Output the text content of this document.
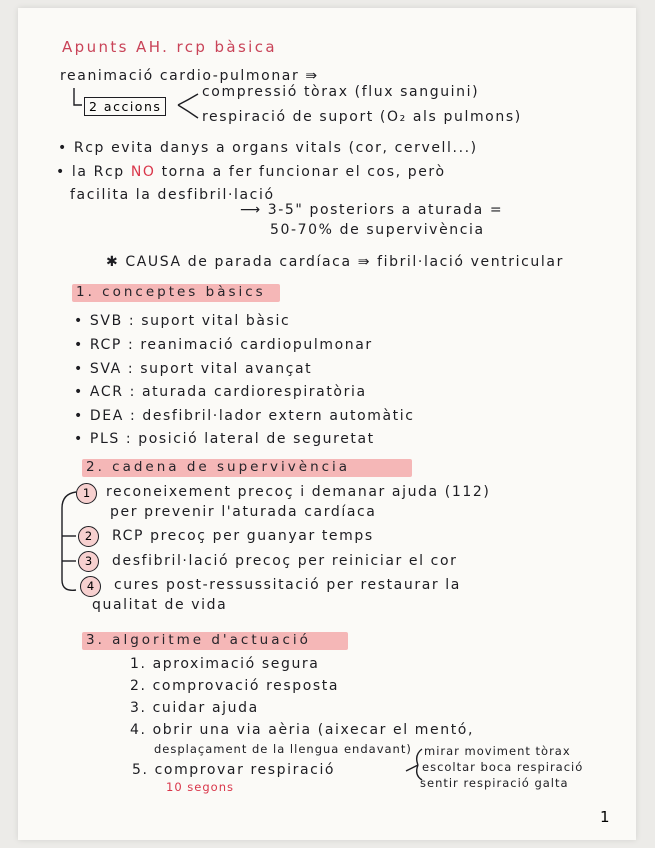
Apunts AH. rcp bàsica
reanimació cardio-pulmonar ⇛
2 accions
compressió tòrax (flux sanguini)
respiració de suport (O₂ als pulmons)
• Rcp evita danys a organs vitals (cor, cervell...)
• la Rcp NO torna a fer funcionar el cos, però
facilita la desfibril·lació
⟶ 3-5" posteriors a aturada =
50-70% de supervivència
✱ CAUSA de parada cardíaca ⇛ fibril·lació ventricular
1. conceptes bàsics
• SVB : suport vital bàsic
• RCP : reanimació cardiopulmonar
• SVA : suport vital avançat
• ACR : aturada cardiorespiratòria
• DEA : desfibril·lador extern automàtic
• PLS : posició lateral de seguretat
2. cadena de supervivència
1	reconeixement precoç i demanar ajuda (112)
per prevenir l'aturada cardíaca
2	RCP precoç per guanyar temps
3	desfibril·lació precoç per reiniciar el cor
4	cures post-ressussitació per restaurar la
qualitat de vida
3. algoritme d'actuació
1. aproximació segura
2. comprovació resposta
3. cuidar ajuda
4. obrir una via aèria (aixecar el mentó,
desplaçament de la llengua endavant)
5. comprovar respiració
10 segons
mirar moviment tòrax
escoltar boca respiració
sentir respiració galta
1
